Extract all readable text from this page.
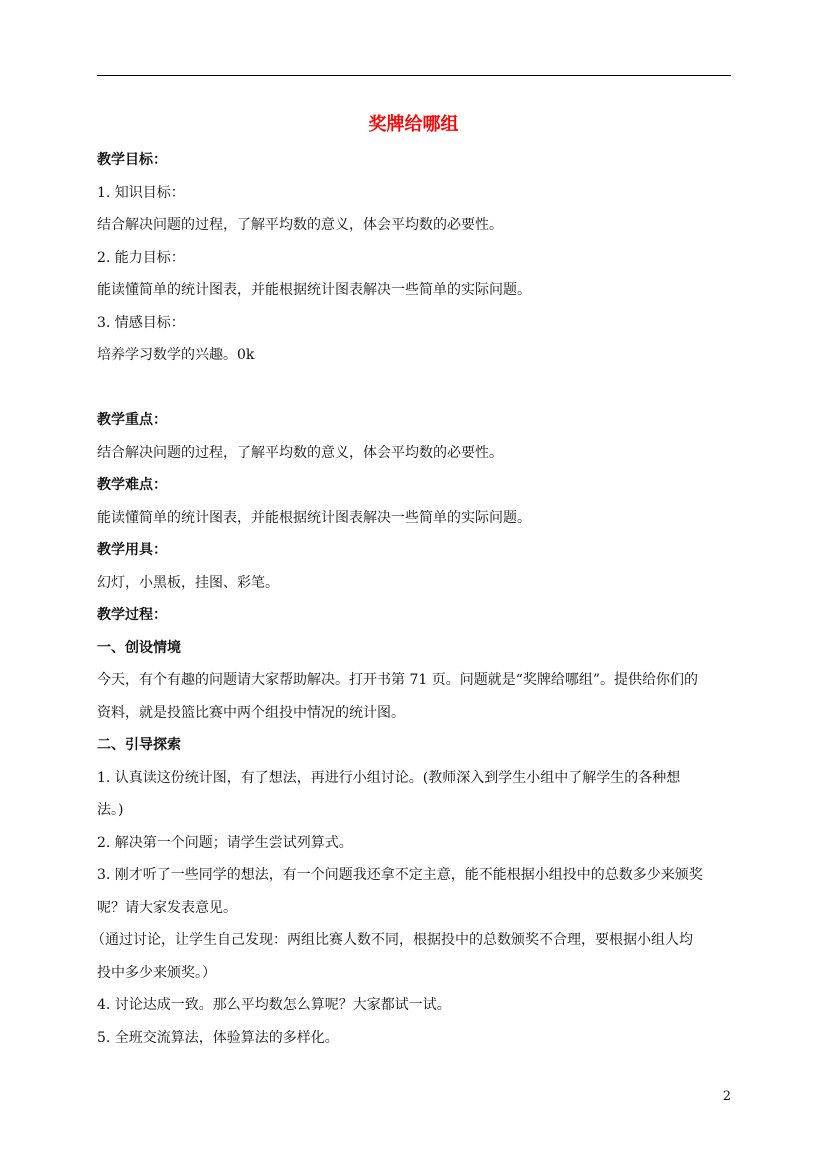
奖牌给哪组
教学目标：
1. 知识目标：
结合解决问题的过程，了解平均数的意义，体会平均数的必要性。
2. 能力目标：
能读懂简单的统计图表，并能根据统计图表解决一些简单的实际问题。
3. 情感目标：
培养学习数学的兴趣。0k
教学重点：
结合解决问题的过程，了解平均数的意义，体会平均数的必要性。
教学难点：
能读懂简单的统计图表，并能根据统计图表解决一些简单的实际问题。
教学用具：
幻灯，小黑板，挂图、彩笔。
教学过程：
一、创设情境
今天，有个有趣的问题请大家帮助解决。打开书第 71 页。问题就是“奖牌给哪组”。提供给你们的
资料，就是投篮比赛中两个组投中情况的统计图。
二、引导探索
1. 认真读这份统计图，有了想法，再进行小组讨论。(教师深入到学生小组中了解学生的各种想
法。)
2. 解决第一个问题；请学生尝试列算式。
3. 刚才听了一些同学的想法，有一个问题我还拿不定主意，能不能根据小组投中的总数多少来颁奖
呢？请大家发表意见。
（通过讨论，让学生自己发现：两组比赛人数不同，根据投中的总数颁奖不合理，要根据小组人均
投中多少来颁奖。）
4. 讨论达成一致。那么平均数怎么算呢？大家都试一试。
5. 全班交流算法，体验算法的多样化。
2
